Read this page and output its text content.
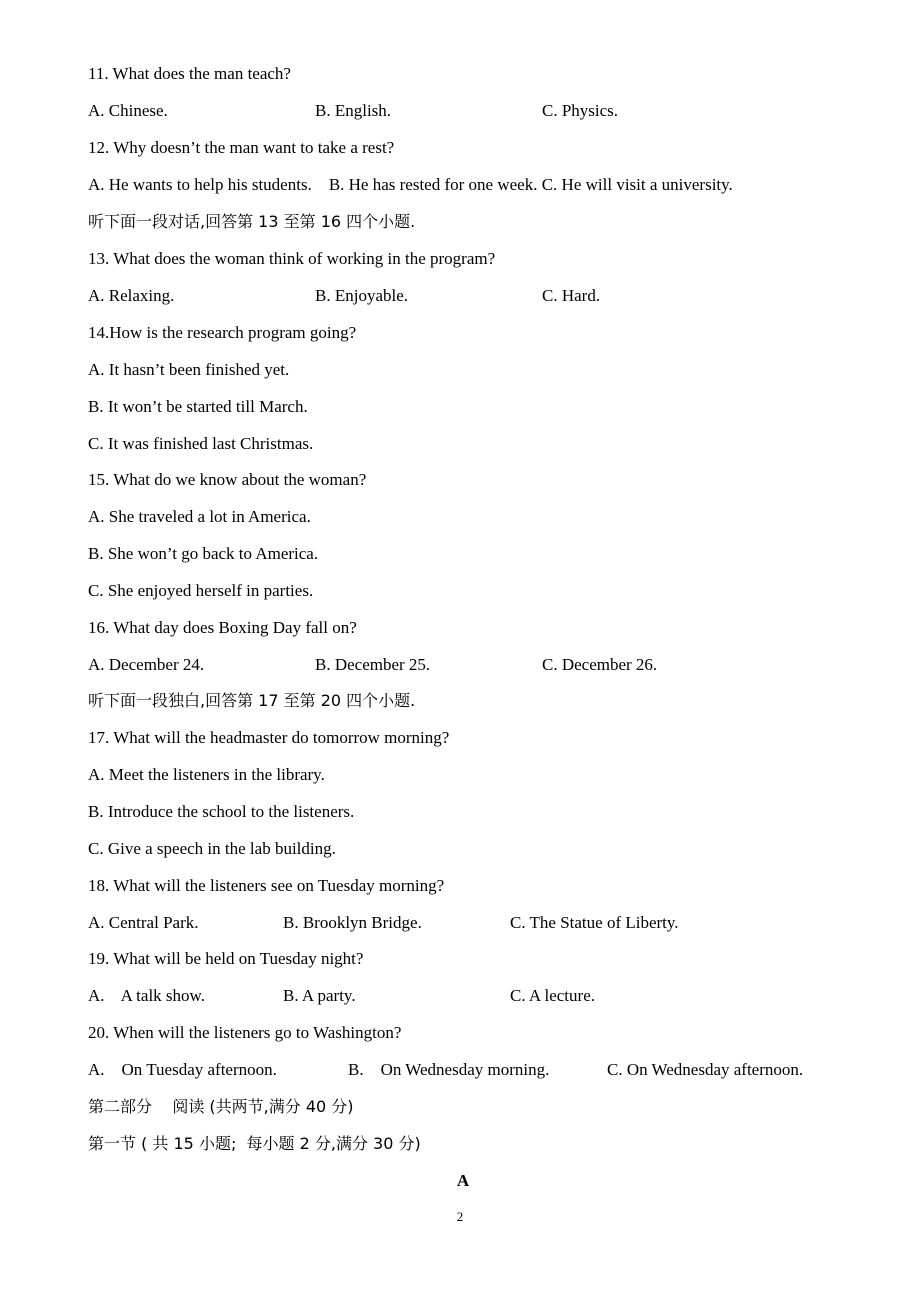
11. What does the man teach?
A. Chinese.	B. English.	C. Physics.
12. Why doesn’t the man want to take a rest?
A. He wants to help his students.    B. He has rested for one week. C. He will visit a university.
听下面一段对话,回答第 13 至第 16 四个小题.
13. What does the woman think of working in the program?
A. Relaxing.	B. Enjoyable.	C. Hard.
14.How is the research program going?
A. It hasn’t been finished yet.
B. It won’t be started till March.
C. It was finished last Christmas.
15. What do we know about the woman?
A. She traveled a lot in America.
B. She won’t go back to America.
C. She enjoyed herself in parties.
16. What day does Boxing Day fall on?
A. December 24.	B. December 25.	C. December 26.
听下面一段独白,回答第 17 至第 20 四个小题.
17. What will the headmaster do tomorrow morning?
A. Meet the listeners in the library.
B. Introduce the school to the listeners.
C. Give a speech in the lab building.
18. What will the listeners see on Tuesday morning?
A. Central Park.	B. Brooklyn Bridge.	C. The Statue of Liberty.
19. What will be held on Tuesday night?
A.    A talk show.	B. A party.	C. A lecture.
20. When will the listeners go to Washington?
A.    On Tuesday afternoon.	B.    On Wednesday morning.	C. On Wednesday afternoon.
第二部分    阅读 (共两节,满分 40 分)
第一节 ( 共 15 小题;  每小题 2 分,满分 30 分)
A
2
